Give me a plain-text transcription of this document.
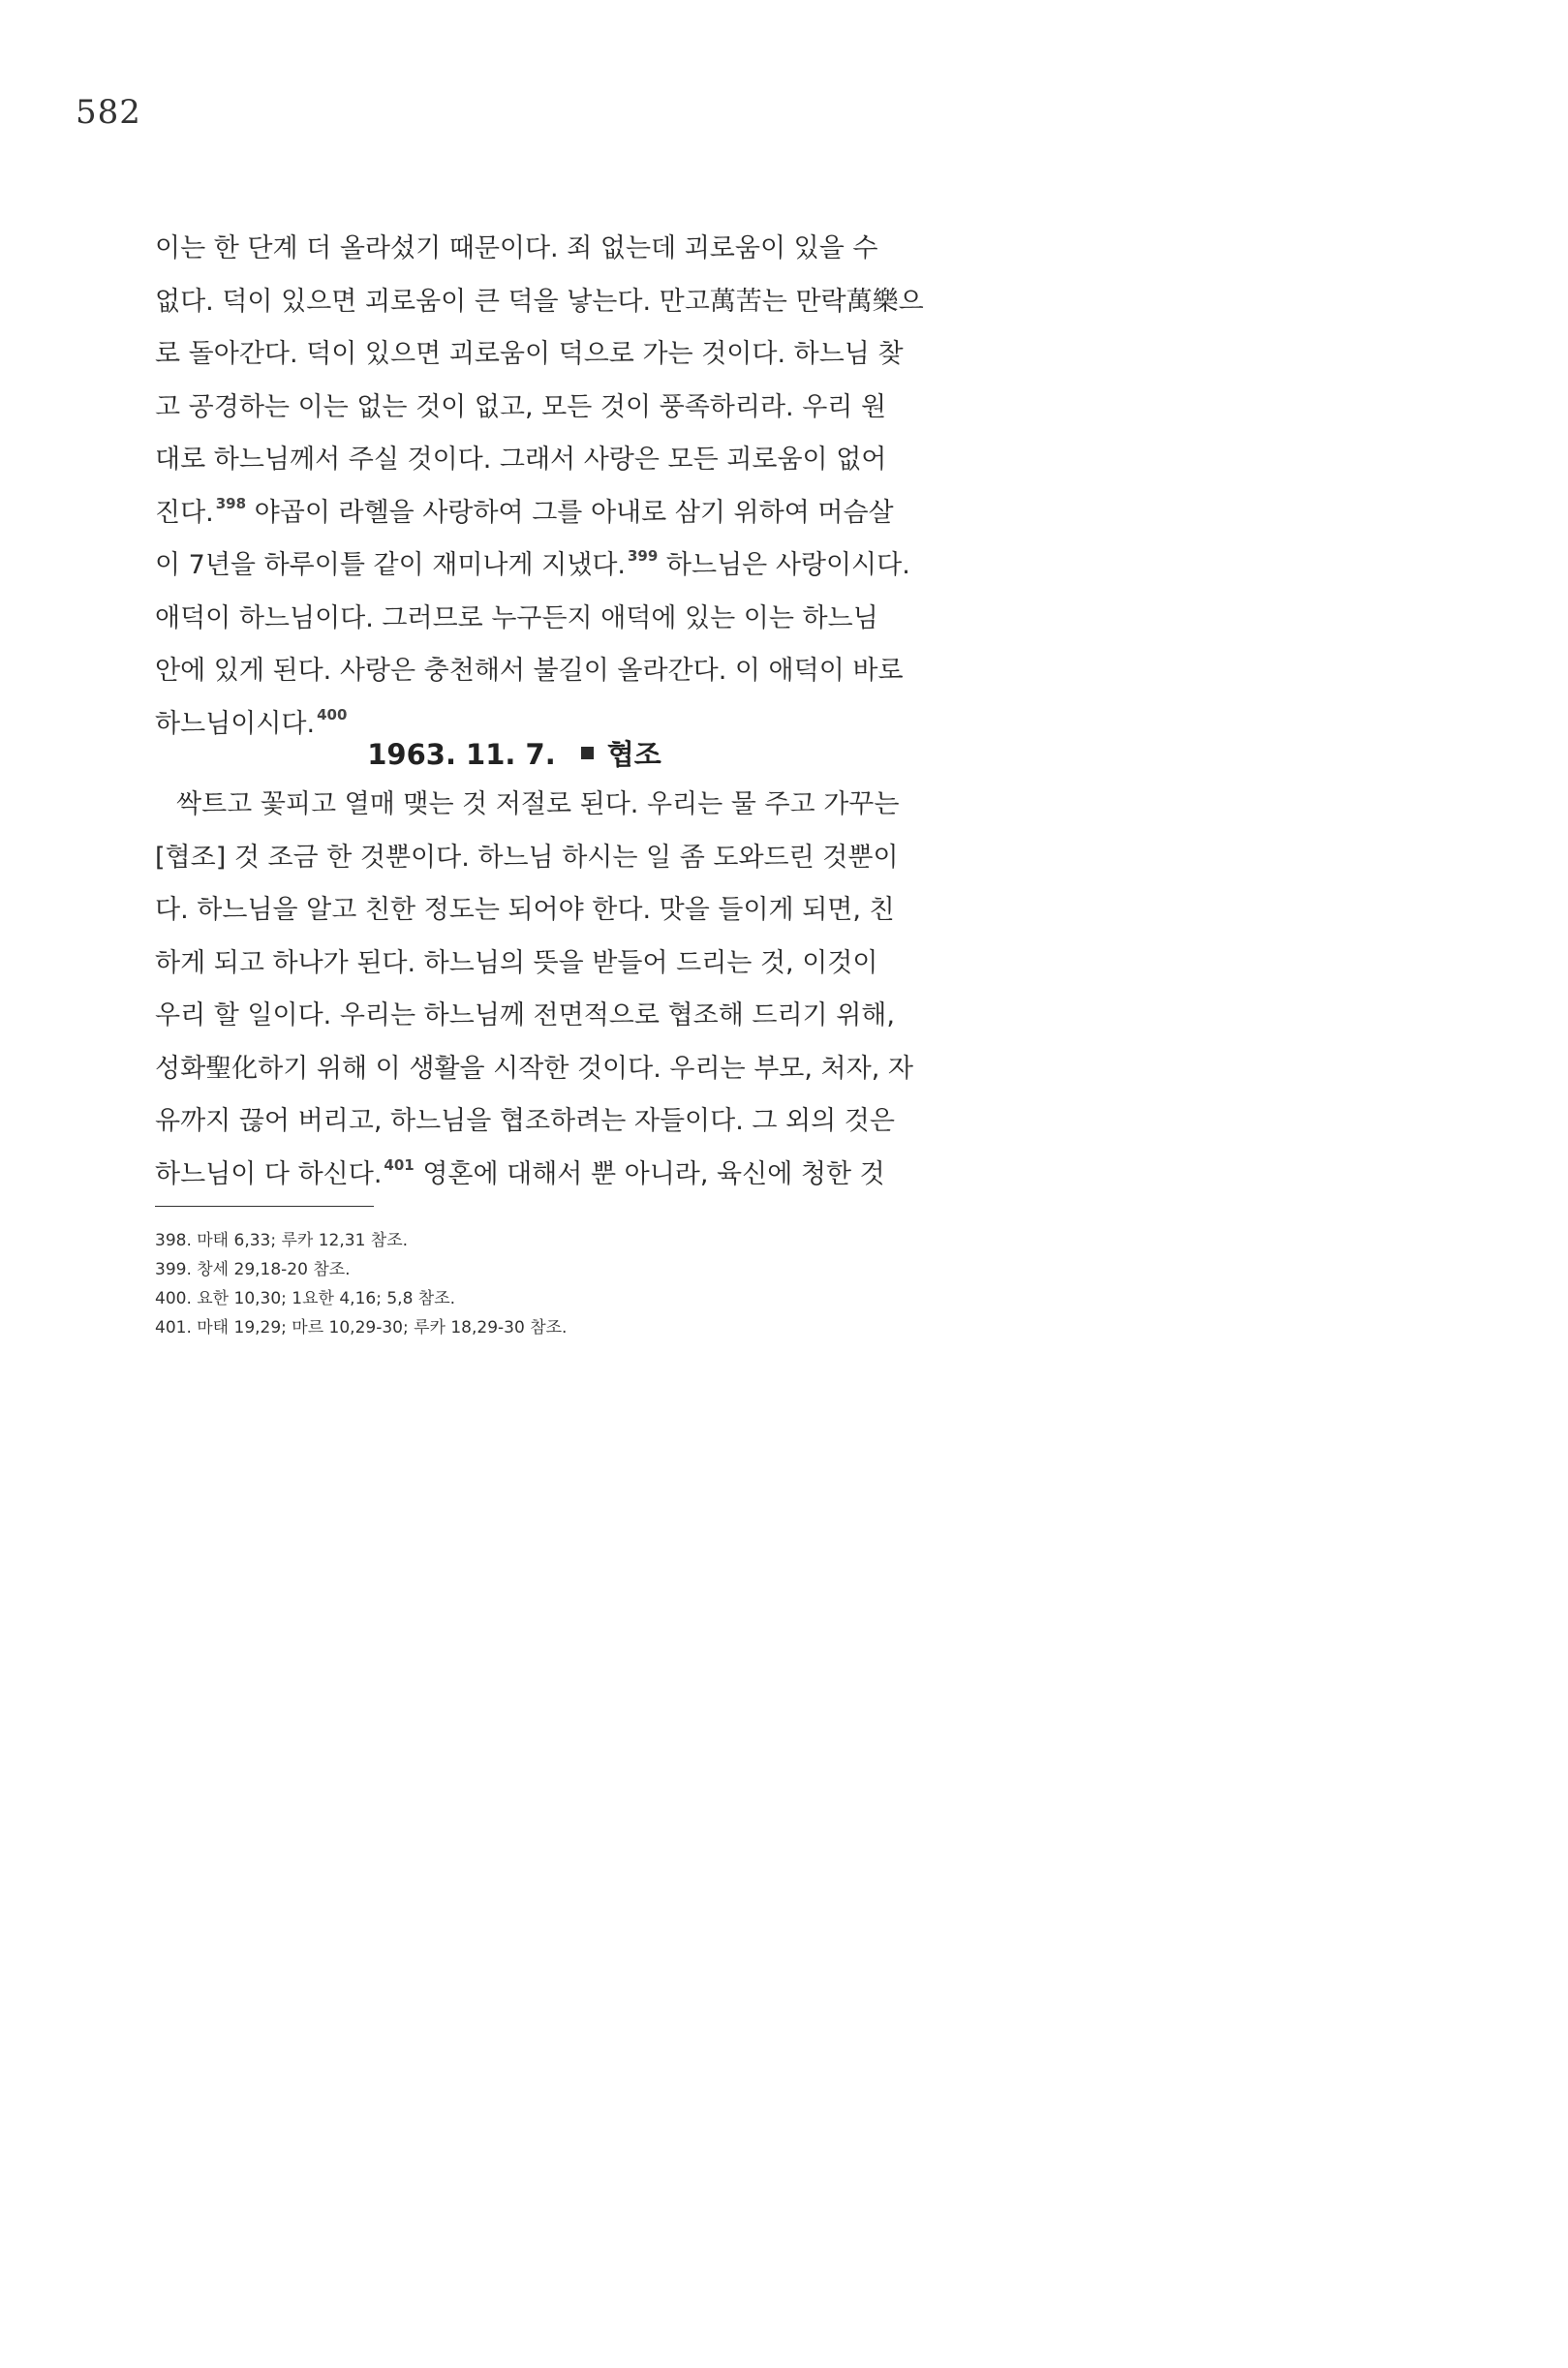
582
이는 한 단계 더 올라섰기 때문이다. 죄 없는데 괴로움이 있을 수
없다. 덕이 있으면 괴로움이 큰 덕을 낳는다. 만고萬苦는 만락萬樂으
로 돌아간다. 덕이 있으면 괴로움이 덕으로 가는 것이다. 하느님 찾
고 공경하는 이는 없는 것이 없고, 모든 것이 풍족하리라. 우리 원
대로 하느님께서 주실 것이다. 그래서 사랑은 모든 괴로움이 없어
진다. $^{398}$ 야곱이 라헬을 사랑하여 그를 아내로 삼기 위하여 머슴살
이 7년을 하루이틀 같이 재미나게 지냈다. $^{399}$ 하느님은 사랑이시다.
애덕이 하느님이다. 그러므로 누구든지 애덕에 있는 이는 하느님
안에 있게 된다. 사랑은 충천해서 불길이 올라간다. 이 애덕이 바로
하느님이시다. $^{400}$
1963. 11. 7. 협조
싹트고 꽃피고 열매 맺는 것 저절로 된다. 우리는 물 주고 가꾸는
[협조] 것 조금 한 것뿐이다. 하느님 하시는 일 좀 도와드린 것뿐이
다. 하느님을 알고 친한 정도는 되어야 한다. 맛을 들이게 되면, 친
하게 되고 하나가 된다. 하느님의 뜻을 받들어 드리는 것, 이것이
우리 할 일이다. 우리는 하느님께 전면적으로 협조해 드리기 위해,
성화聖化하기 위해 이 생활을 시작한 것이다. 우리는 부모, 처자, 자
유까지 끊어 버리고, 하느님을 협조하려는 자들이다. 그 외의 것은
하느님이 다 하신다. $^{401}$ 영혼에 대해서 뿐 아니라, 육신에 청한 것
398. 마태 6,33; 루카 12,31 참조.
399. 창세 29,18-20 참조.
400. 요한 10,30; 1요한 4,16; 5,8 참조.
401. 마태 19,29; 마르 10,29-30; 루카 18,29-30 참조.
